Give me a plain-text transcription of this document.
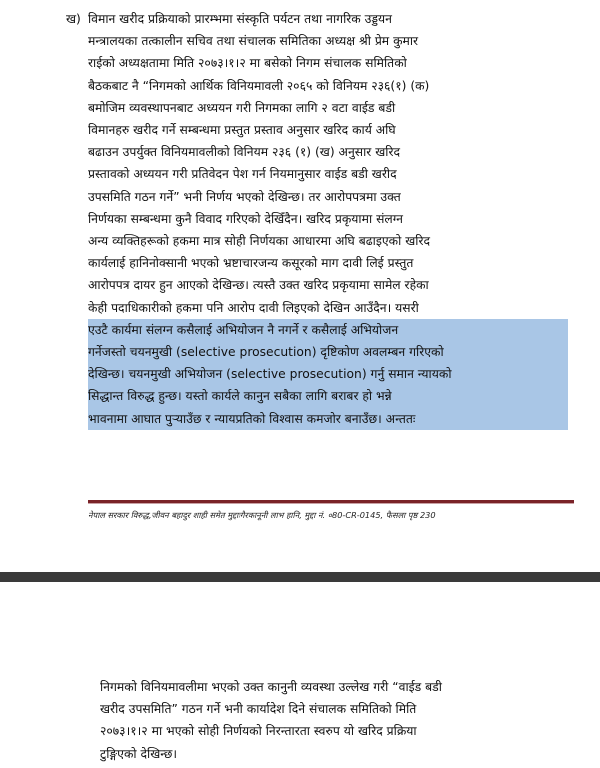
ख) विमान खरीद प्रक्रियाको प्रारम्भमा संस्कृति पर्यटन तथा नागरिक उड्डयन
मन्त्रालयका तत्कालीन सचिव तथा संचालक समितिका अध्यक्ष श्री प्रेम कुमार
राईको अध्यक्षतामा मिति २०७३।१।२ मा बसेको निगम संचालक समितिको
बैठकबाट नै “निगमको आर्थिक विनियमावली २०६५ को विनियम २३६(१) (क)
बमोजिम व्यवस्थापनबाट अध्ययन गरी निगमका लागि २ वटा वाईड बडी
विमानहरु खरीद गर्ने सम्बन्धमा प्रस्तुत प्रस्ताव अनुसार खरिद कार्य अघि
बढाउन उपर्युक्त विनियमावलीको विनियम २३६ (१) (ख) अनुसार खरिद
प्रस्तावको अध्ययन गरी प्रतिवेदन पेश गर्न नियमानुसार वाईड बडी खरीद
उपसमिति गठन गर्ने” भनी निर्णय भएको देखिन्छ। तर आरोपपत्रमा उक्त
निर्णयका सम्बन्धमा कुनै विवाद गरिएको देखिँदैन। खरिद प्रकृयामा संलग्न
अन्य व्यक्तिहरूको हकमा मात्र सोही निर्णयका आधारमा अघि बढाइएको खरिद
कार्यलाई हानिनोक्सानी भएको भ्रष्टाचारजन्य कसूरको माग दावी लिई प्रस्तुत
आरोपपत्र दायर हुन आएको देखिन्छ। त्यस्तै उक्त खरिद प्रकृयामा सामेल रहेका
केही पदाधिकारीको हकमा पनि आरोप दावी लिइएको देखिन आउँदैन। यसरी
एउटै कार्यमा संलग्न कसैलाई अभियोजन नै नगर्ने र कसैलाई अभियोजन
गर्नेजस्तो चयनमुखी (selective prosecution) दृष्टिकोण अवलम्बन गरिएको
देखिन्छ। चयनमुखी अभियोजन (selective prosecution) गर्नु समान न्यायको
सिद्धान्त विरुद्ध हुन्छ। यस्तो कार्यले कानुन सबैका लागि बराबर हो भन्ने
भावनामा आघात पुर्‍याउँछ र न्यायप्रतिको विश्वास कमजोर बनाउँछ। अन्ततः
नेपाल सरकार विरुद्ध,जीवन बहादुर शाही समेत मुद्दाःगैरकानूनी लाभ हानि, मुद्दा नं. ०80-CR-0145, फैसला पृष्ठ 230
निगमको विनियमावलीमा भएको उक्त कानुनी व्यवस्था उल्लेख गरी “वाईड बडी
खरीद उपसमिति” गठन गर्ने भनी कार्यादेश दिने संचालक समितिको मिति
२०७३।१।२ मा भएको सोही निर्णयको निरन्तारता स्वरुप यो खरिद प्रक्रिया
टुङ्गिएको देखिन्छ।
